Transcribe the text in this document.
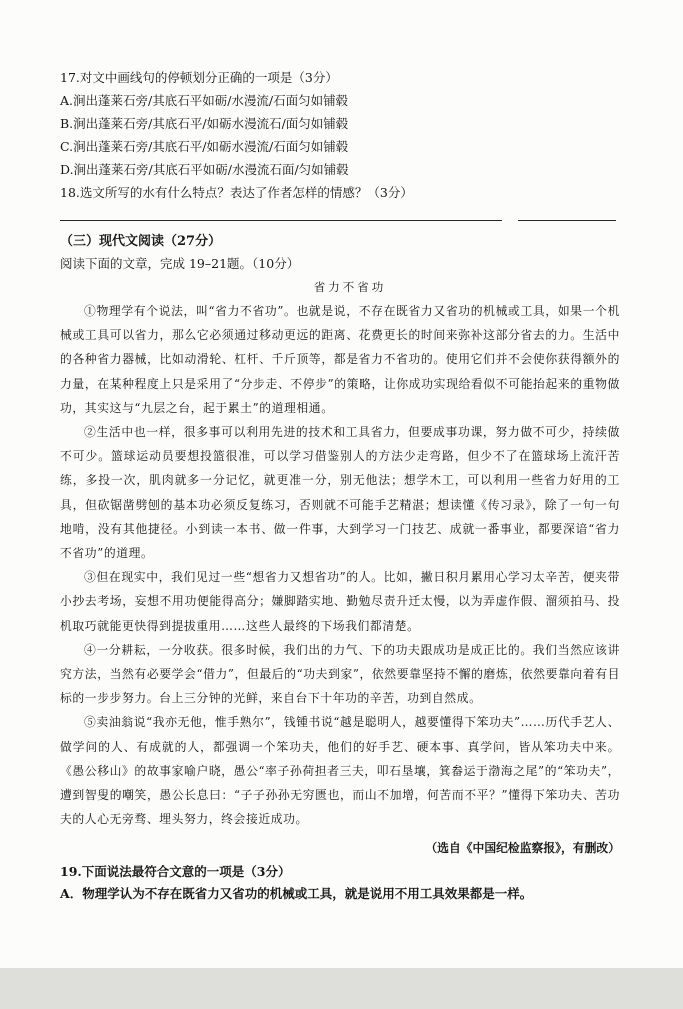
17.对文中画线句的停顿划分正确的一项是（3分）
A.涧出蓬莱石旁/其底石平如砺/水漫流/石面匀如铺毂
B.涧出蓬莱石旁/其底石平/如砺水漫流石/面匀如铺毂
C.涧出蓬莱石旁/其底石平/如砺水漫流/石面匀如铺毂
D.涧出蓬莱石旁/其底石平如砺/水漫流石面/匀如铺毂
18.选文所写的水有什么特点？表达了作者怎样的情感？（3分）
（三）现代文阅读（27分）
阅读下面的文章，完成 19–21题。（10分）
省力不省功

①物理学有个说法，叫“省力不省功”。也就是说，不存在既省力又省功的机械或工具，如果一个机械或工具可以省力，那么它必须通过移动更远的距离、花费更长的时间来弥补这部分省去的力。生活中的各种省力器械，比如动滑轮、杠杆、千斤顶等，都是省力不省功的。使用它们并不会使你获得额外的力量，在某种程度上只是采用了“分步走、不停步”的策略，让你成功实现给看似不可能抬起来的重物做功，其实这与“九层之台，起于累土”的道理相通。

②生活中也一样，很多事可以利用先进的技术和工具省力，但要成事功课，努力做不可少，持续做不可少。篮球运动员要想投篮很准，可以学习借鉴别人的方法少走弯路，但少不了在篮球场上流汗苦练，多投一次，肌肉就多一分记忆，就更准一分，别无他法；想学木工，可以利用一些省力好用的工具，但砍锯凿劈刨的基本功必须反复练习，否则就不可能手艺精湛；想读懂《传习录》，除了一句一句地啃，没有其他捷径。小到读一本书、做一件事，大到学习一门技艺、成就一番事业，都要深谙“省力不省功”的道理。

③但在现实中，我们见过一些“想省力又想省功”的人。比如，撇日积月累用心学习太辛苦，便夹带小抄去考场，妄想不用功便能得高分；嫌脚踏实地、勤勉尽责升迁太慢，以为弄虚作假、溜须拍马、投机取巧就能更快得到提拔重用……这些人最终的下场我们都清楚。

④一分耕耘，一分收获。很多时候，我们出的力气、下的功夫跟成功是成正比的。我们当然应该讲究方法，当然有必要学会“借力”，但最后的“功夫到家”，依然要靠坚持不懈的磨炼，依然要靠向着有目标的一步步努力。台上三分钟的光鲜，来自台下十年功的辛苦，功到自然成。

⑤卖油翁说“我亦无他，惟手熟尔”，钱锺书说“越是聪明人，越要懂得下笨功夫”……历代手艺人、做学问的人、有成就的人，都强调一个笨功夫，他们的好手艺、硬本事、真学问，皆从笨功夫中来。《愚公移山》的故事家喻户晓，愚公“率子孙荷担者三夫，叩石垦壤，箕畚运于渤海之尾”的“笨功夫”，遭到智叟的嘲笑，愚公长息曰：“子子孙孙无穷匮也，而山不加增，何苦而不平？”懂得下笨功夫、苦功夫的人心无旁骛、埋头努力，终会接近成功。

（选自《中国纪检监察报》，有删改）
19.下面说法最符合文意的一项是（3分）
A．物理学认为不存在既省力又省功的机械或工具，就是说用不用工具效果都是一样。
